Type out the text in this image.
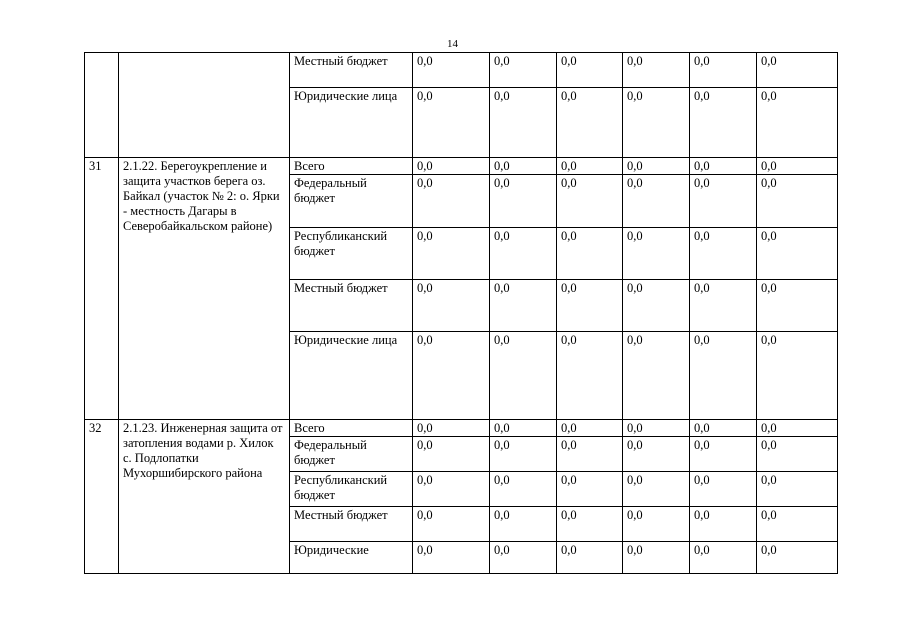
14
		Местный бюджет	0,0	0,0	0,0	0,0	0,0	0,0
		Юридические лица	0,0	0,0	0,0	0,0	0,0	0,0
31	2.1.22. Берегоукрепление и защита участков берега оз. Байкал (участок № 2: о. Ярки - местность Дагары в Северобайкальском районе)	Всего	0,0	0,0	0,0	0,0	0,0	0,0
		Федеральный бюджет	0,0	0,0	0,0	0,0	0,0	0,0
		Республиканский бюджет	0,0	0,0	0,0	0,0	0,0	0,0
		Местный бюджет	0,0	0,0	0,0	0,0	0,0	0,0
		Юридические лица	0,0	0,0	0,0	0,0	0,0	0,0
32	2.1.23. Инженерная защита от затопления водами р. Хилок с. Подлопатки Мухоршибирского района	Всего	0,0	0,0	0,0	0,0	0,0	0,0
		Федеральный бюджет	0,0	0,0	0,0	0,0	0,0	0,0
		Республиканский бюджет	0,0	0,0	0,0	0,0	0,0	0,0
		Местный бюджет	0,0	0,0	0,0	0,0	0,0	0,0
		Юридические	0,0	0,0	0,0	0,0	0,0	0,0
